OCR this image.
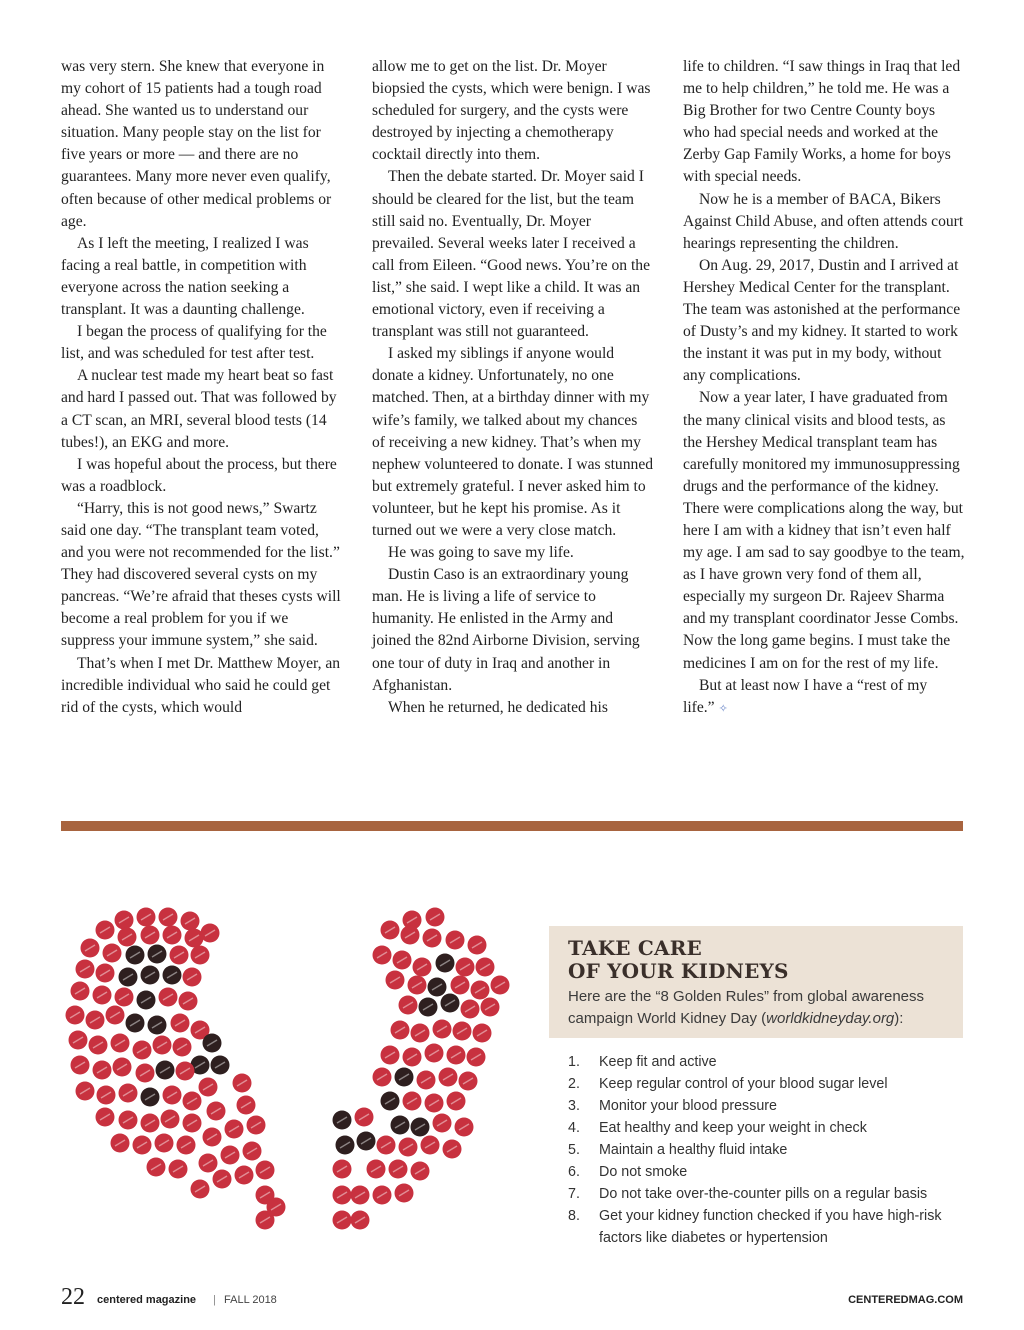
was very stern. She knew that everyone in my cohort of 15 patients had a tough road ahead. She wanted us to understand our situation. Many people stay on the list for five years or more — and there are no guarantees. Many more never even qualify, often because of other medical problems or age.

As I left the meeting, I realized I was facing a real battle, in competition with everyone across the nation seeking a transplant. It was a daunting challenge.

I began the process of qualifying for the list, and was scheduled for test after test.

A nuclear test made my heart beat so fast and hard I passed out. That was followed by a CT scan, an MRI, several blood tests (14 tubes!), an EKG and more.

I was hopeful about the process, but there was a roadblock.

“Harry, this is not good news,” Swartz said one day. “The transplant team voted, and you were not recommended for the list.” They had discovered several cysts on my pancreas. “We’re afraid that theses cysts will become a real problem for you if we suppress your immune system,” she said.

That’s when I met Dr. Matthew Moyer, an incredible individual who said he could get rid of the cysts, which would

allow me to get on the list. Dr. Moyer biopsied the cysts, which were benign. I was scheduled for surgery, and the cysts were destroyed by injecting a chemotherapy cocktail directly into them.

Then the debate started. Dr. Moyer said I should be cleared for the list, but the team still said no. Eventually, Dr. Moyer prevailed. Several weeks later I received a call from Eileen. “Good news. You’re on the list,” she said. I wept like a child. It was an emotional victory, even if receiving a transplant was still not guaranteed.

I asked my siblings if anyone would donate a kidney. Unfortunately, no one matched. Then, at a birthday dinner with my wife’s family, we talked about my chances of receiving a new kidney. That’s when my nephew volunteered to donate. I was stunned but extremely grateful. I never asked him to volunteer, but he kept his promise. As it turned out we were a very close match.

He was going to save my life.

Dustin Caso is an extraordinary young man. He is living a life of service to humanity. He enlisted in the Army and joined the 82nd Airborne Division, serving one tour of duty in Iraq and another in Afghanistan.

When he returned, he dedicated his

life to children. “I saw things in Iraq that led me to help children,” he told me. He was a Big Brother for two Centre County boys who had special needs and worked at the Zerby Gap Family Works, a home for boys with special needs.

Now he is a member of BACA, Bikers Against Child Abuse, and often attends court hearings representing the children.

On Aug. 29, 2017, Dustin and I arrived at Hershey Medical Center for the transplant. The team was astonished at the performance of Dusty’s and my kidney. It started to work the instant it was put in my body, without any complications.

Now a year later, I have graduated from the many clinical visits and blood tests, as the Hershey Medical transplant team has carefully monitored my immunosuppressing drugs and the performance of the kidney. There were complications along the way, but here I am with a kidney that isn’t even half my age. I am sad to say goodbye to the team, as I have grown very fond of them all, especially my surgeon Dr. Rajeev Sharma and my transplant coordinator Jesse Combs. Now the long game begins. I must take the medicines I am on for the rest of my life.

But at least now I have a “rest of my life.” ✧

TAKE CARE
OF YOUR KIDNEYS
Here are the “8 Golden Rules” from global awareness campaign World Kidney Day (worldkidneyday.org):
1. Keep fit and active
2. Keep regular control of your blood sugar level
3. Monitor your blood pressure
4. Eat healthy and keep your weight in check
5. Maintain a healthy fluid intake
6. Do not smoke
7. Do not take over-the-counter pills on a regular basis
8. Get your kidney function checked if you have high-risk factors like diabetes or hypertension
22 centered magazine | FALL 2018	CENTEREDMAG.COM
